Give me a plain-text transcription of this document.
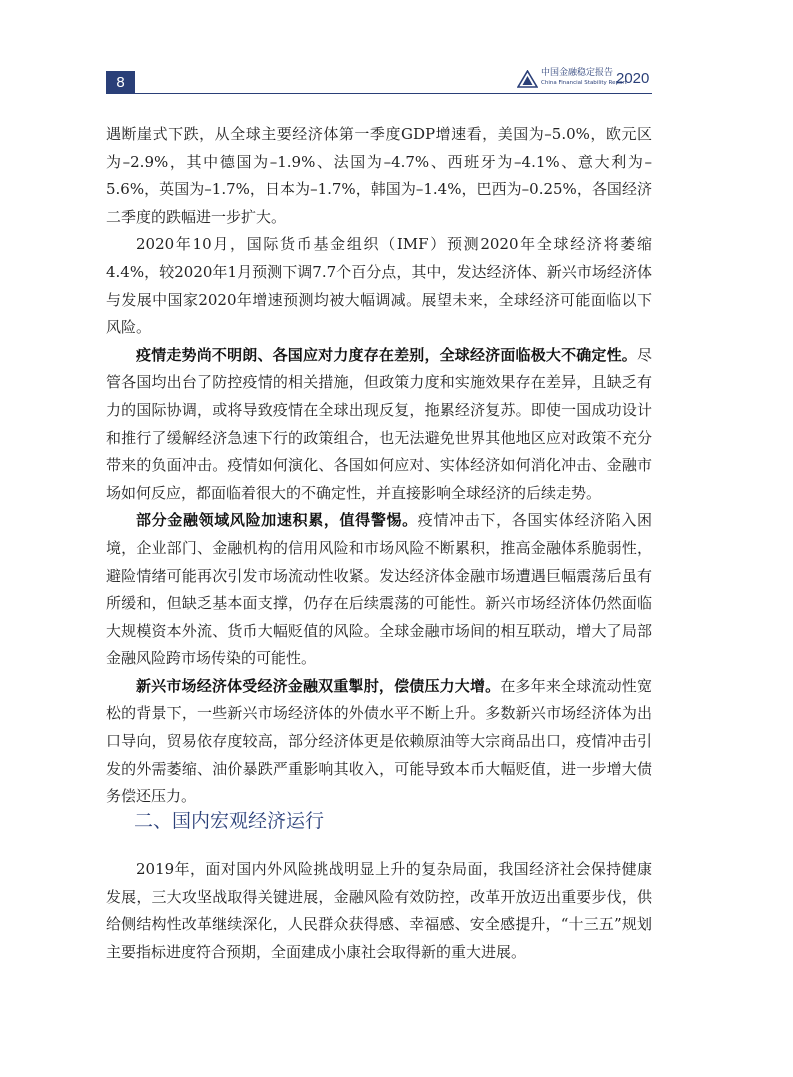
8
中国金融稳定报告
China Financial Stability Report
2020

遇断崖式下跌，从全球主要经济体第一季度GDP增速看，美国为–5.0%，欧元区为–2.9%，其中德国为–1.9%、法国为–4.7%、西班牙为–4.1%、意大利为–5.6%，英国为–1.7%，日本为–1.7%，韩国为–1.4%，巴西为–0.25%，各国经济二季度的跌幅进一步扩大。

2020年10月，国际货币基金组织（IMF）预测2020年全球经济将萎缩4.4%，较2020年1月预测下调7.7个百分点，其中，发达经济体、新兴市场经济体与发展中国家2020年增速预测均被大幅调减。展望未来，全球经济可能面临以下风险。

疫情走势尚不明朗、各国应对力度存在差别，全球经济面临极大不确定性。尽管各国均出台了防控疫情的相关措施，但政策力度和实施效果存在差异，且缺乏有力的国际协调，或将导致疫情在全球出现反复，拖累经济复苏。即使一国成功设计和推行了缓解经济急速下行的政策组合，也无法避免世界其他地区应对政策不充分带来的负面冲击。疫情如何演化、各国如何应对、实体经济如何消化冲击、金融市场如何反应，都面临着很大的不确定性，并直接影响全球经济的后续走势。

部分金融领域风险加速积累，值得警惕。疫情冲击下，各国实体经济陷入困境，企业部门、金融机构的信用风险和市场风险不断累积，推高金融体系脆弱性，避险情绪可能再次引发市场流动性收紧。发达经济体金融市场遭遇巨幅震荡后虽有所缓和，但缺乏基本面支撑，仍存在后续震荡的可能性。新兴市场经济体仍然面临大规模资本外流、货币大幅贬值的风险。全球金融市场间的相互联动，增大了局部金融风险跨市场传染的可能性。

新兴市场经济体受经济金融双重掣肘，偿债压力大增。在多年来全球流动性宽松的背景下，一些新兴市场经济体的外债水平不断上升。多数新兴市场经济体为出口导向，贸易依存度较高，部分经济体更是依赖原油等大宗商品出口，疫情冲击引发的外需萎缩、油价暴跌严重影响其收入，可能导致本币大幅贬值，进一步增大债务偿还压力。

二、国内宏观经济运行

2019年，面对国内外风险挑战明显上升的复杂局面，我国经济社会保持健康发展，三大攻坚战取得关键进展，金融风险有效防控，改革开放迈出重要步伐，供给侧结构性改革继续深化，人民群众获得感、幸福感、安全感提升，“十三五”规划主要指标进度符合预期，全面建成小康社会取得新的重大进展。
